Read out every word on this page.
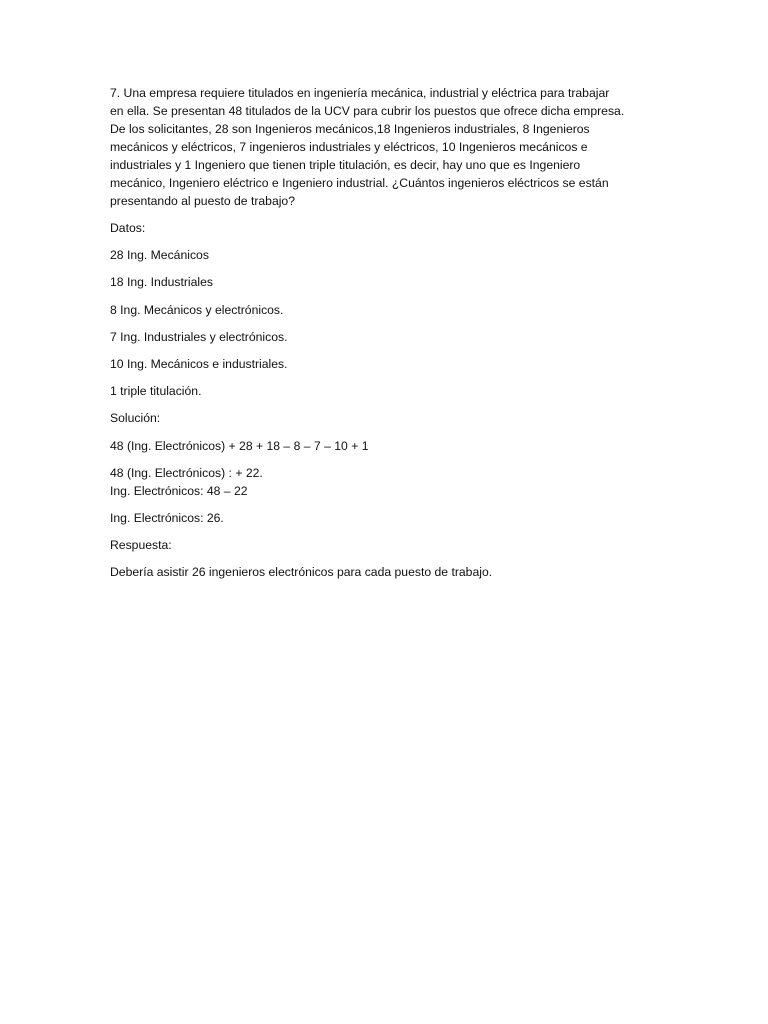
7. Una empresa requiere titulados en ingeniería mecánica, industrial y eléctrica para trabajar
en ella. Se presentan 48 titulados de la UCV para cubrir los puestos que ofrece dicha empresa.
De los solicitantes, 28 son Ingenieros mecánicos,18 Ingenieros industriales, 8 Ingenieros
mecánicos y eléctricos, 7 ingenieros industriales y eléctricos, 10 Ingenieros mecánicos e
industriales y 1 Ingeniero que tienen triple titulación, es decir, hay uno que es Ingeniero
mecánico, Ingeniero eléctrico e Ingeniero industrial. ¿Cuántos ingenieros eléctricos se están
presentando al puesto de trabajo?

Datos:

28 Ing. Mecánicos

18 Ing. Industriales

8 Ing. Mecánicos y electrónicos.

7 Ing. Industriales y electrónicos.

10 Ing. Mecánicos e industriales.

1 triple titulación.

Solución:

48 (Ing. Electrónicos) + 28 + 18 – 8 – 7 – 10 + 1

48 (Ing. Electrónicos) : + 22.
Ing. Electrónicos: 48 – 22

Ing. Electrónicos: 26.

Respuesta:

Debería asistir 26 ingenieros electrónicos para cada puesto de trabajo.
